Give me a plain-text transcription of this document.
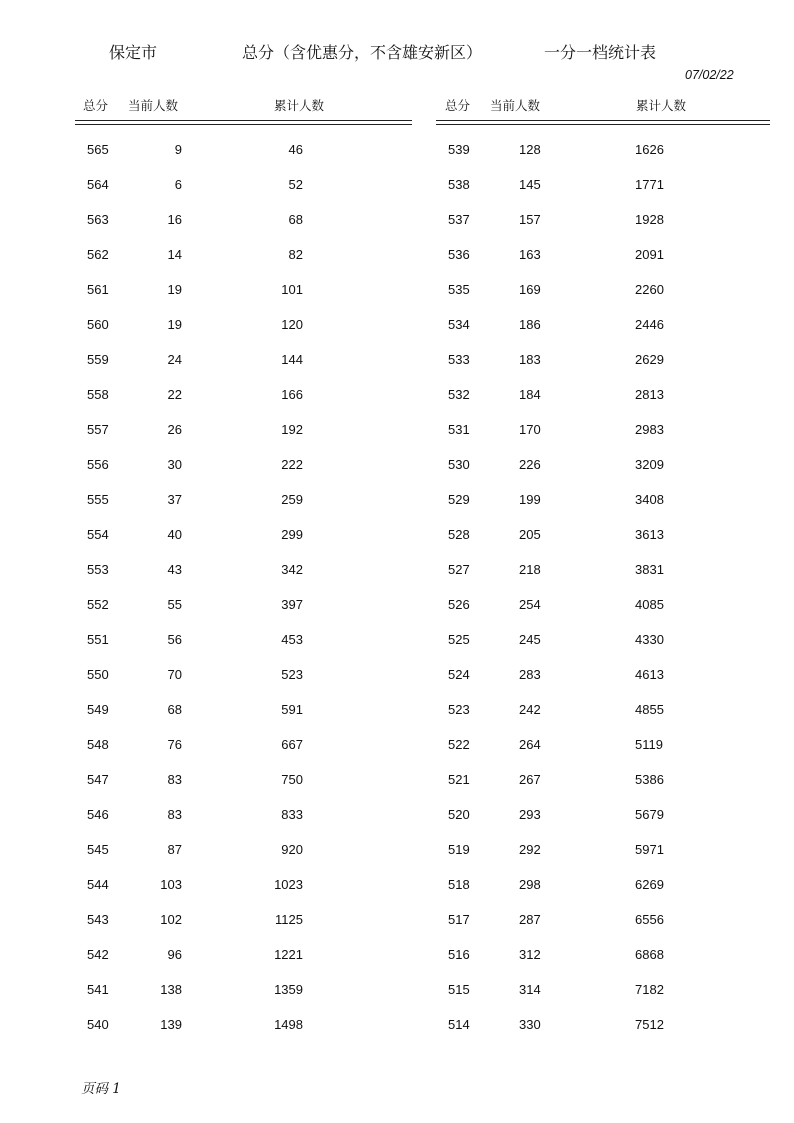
保定市	总分（含优惠分，不含雄安新区）	一分一档统计表
07/02/22
总分 当前人数	累计人数	总分 当前人数	累计人数
565	9	46
564	6	52
563	16	68
562	14	82
561	19	101
560	19	120
559	24	144
558	22	166
557	26	192
556	30	222
555	37	259
554	40	299
553	43	342
552	55	397
551	56	453
550	70	523
549	68	591
548	76	667
547	83	750
546	83	833
545	87	920
544	103	1023
543	102	1125
542	96	1221
541	138	1359
540	139	1498
539	128	1626
538	145	1771
537	157	1928
536	163	2091
535	169	2260
534	186	2446
533	183	2629
532	184	2813
531	170	2983
530	226	3209
529	199	3408
528	205	3613
527	218	3831
526	254	4085
525	245	4330
524	283	4613
523	242	4855
522	264	5119
521	267	5386
520	293	5679
519	292	5971
518	298	6269
517	287	6556
516	312	6868
515	314	7182
514	330	7512
页码 1
